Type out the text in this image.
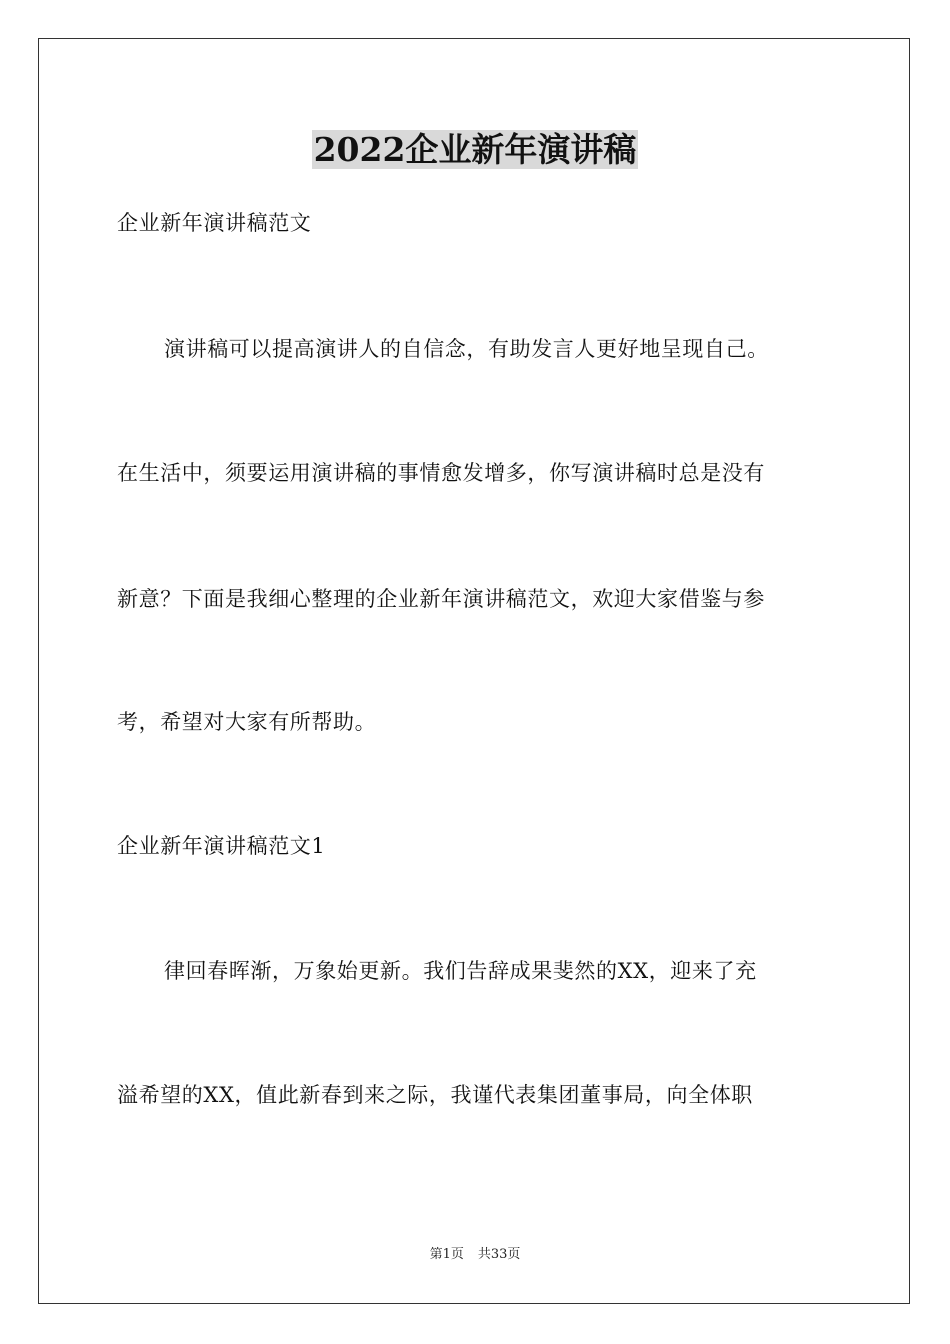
2022企业新年演讲稿
企业新年演讲稿范文
演讲稿可以提高演讲人的自信念，有助发言人更好地呈现自己。
在生活中，须要运用演讲稿的事情愈发增多，你写演讲稿时总是没有
新意？下面是我细心整理的企业新年演讲稿范文，欢迎大家借鉴与参
考，希望对大家有所帮助。
企业新年演讲稿范文1
律回春晖渐，万象始更新。我们告辞成果斐然的XX，迎来了充
溢希望的XX，值此新春到来之际，我谨代表集团董事局，向全体职
第1页 共33页
